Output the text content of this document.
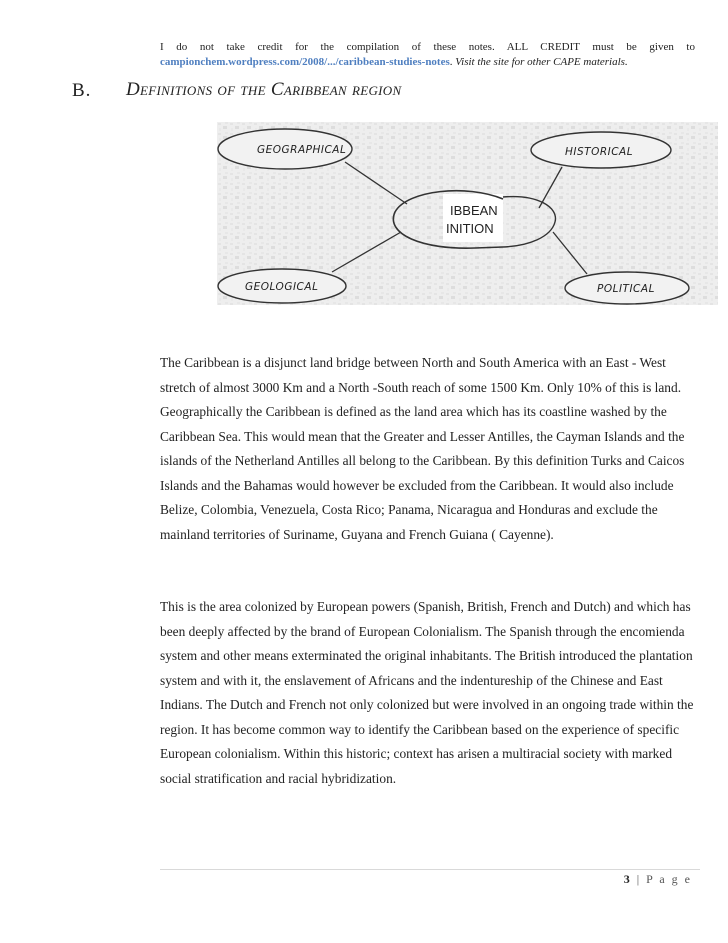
I do not take credit for the compilation of these notes. ALL CREDIT must be given to
campionchem.wordpress.com/2008/.../caribbean-studies-notes. Visit the site for other CAPE materials.
B. Definitions of the Caribbean region
GEOGRAPHICAL	HISTORICAL
GEOLOGICAL	POLITICAL
IBBEAN
INITION
The Caribbean is a disjunct land bridge between North and South America with an East - West stretch of almost 3000 Km and a North -South reach of some 1500 Km. Only 10% of this is land. Geographically the Caribbean is defined as the land area which has its coastline washed by the Caribbean Sea. This would mean that the Greater and Lesser Antilles, the Cayman Islands and the islands of the Netherland Antilles all belong to the Caribbean. By this definition Turks and Caicos Islands and the Bahamas would however be excluded from the Caribbean. It would also include Belize, Colombia, Venezuela, Costa Rico; Panama, Nicaragua and Honduras and exclude the mainland territories of Suriname, Guyana and French Guiana ( Cayenne).
This is the area colonized by European powers (Spanish, British, French and Dutch) and which has been deeply affected by the brand of European Colonialism. The Spanish through the encomienda system and other means exterminated the original inhabitants. The British introduced the plantation system and with it, the enslavement of Africans and the indentureship of the Chinese and East Indians. The Dutch and French not only colonized but were involved in an ongoing trade within the region. It has become common way to identify the Caribbean based on the experience of specific European colonialism. Within this historic; context has arisen a multiracial society with marked social stratification and racial hybridization.
3 | P a g e
